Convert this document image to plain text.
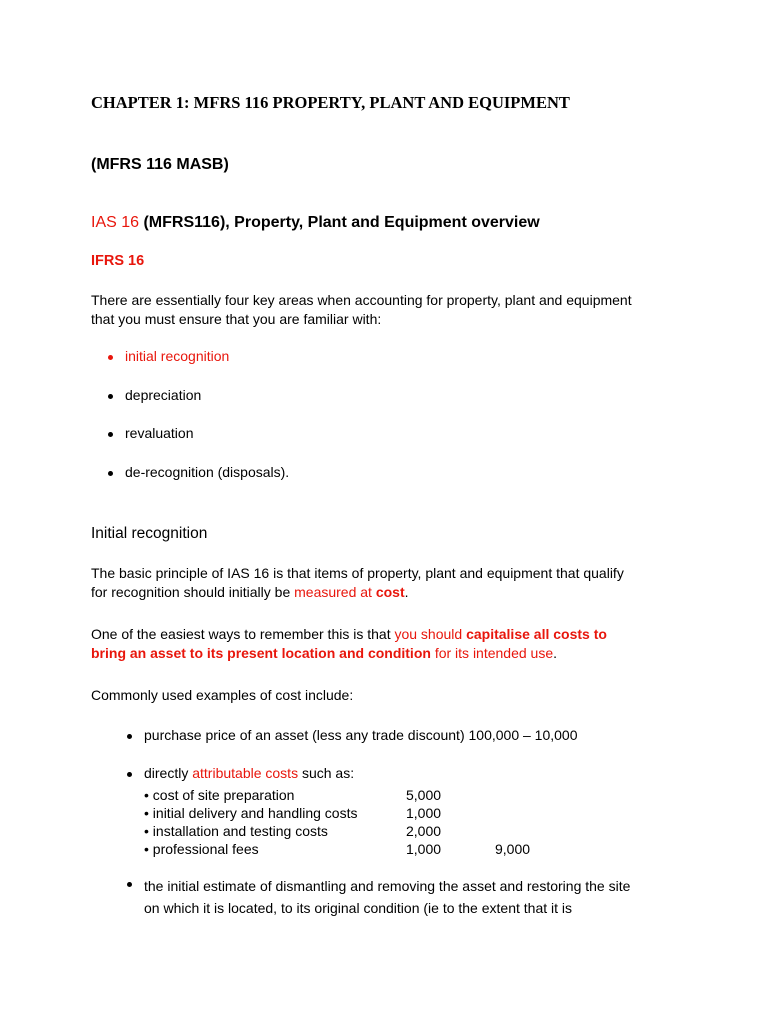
CHAPTER 1: MFRS 116 PROPERTY, PLANT AND EQUIPMENT
(MFRS 116 MASB)
IAS 16 (MFRS116), Property, Plant and Equipment overview
IFRS 16
There are essentially four key areas when accounting for property, plant and equipment
that you must ensure that you are familiar with:
initial recognition
depreciation
revaluation
de-recognition (disposals).
Initial recognition
The basic principle of IAS 16 is that items of property, plant and equipment that qualify
for recognition should initially be measured at cost.
One of the easiest ways to remember this is that you should capitalise all costs to
bring an asset to its present location and condition for its intended use.
Commonly used examples of cost include:
purchase price of an asset (less any trade discount) 100,000 – 10,000
directly attributable costs such as:
• cost of site preparation	5,000
• initial delivery and handling costs	1,000
• installation and testing costs	2,000
• professional fees	1,000	9,000
the initial estimate of dismantling and removing the asset and restoring the site
on which it is located, to its original condition (ie to the extent that it is
